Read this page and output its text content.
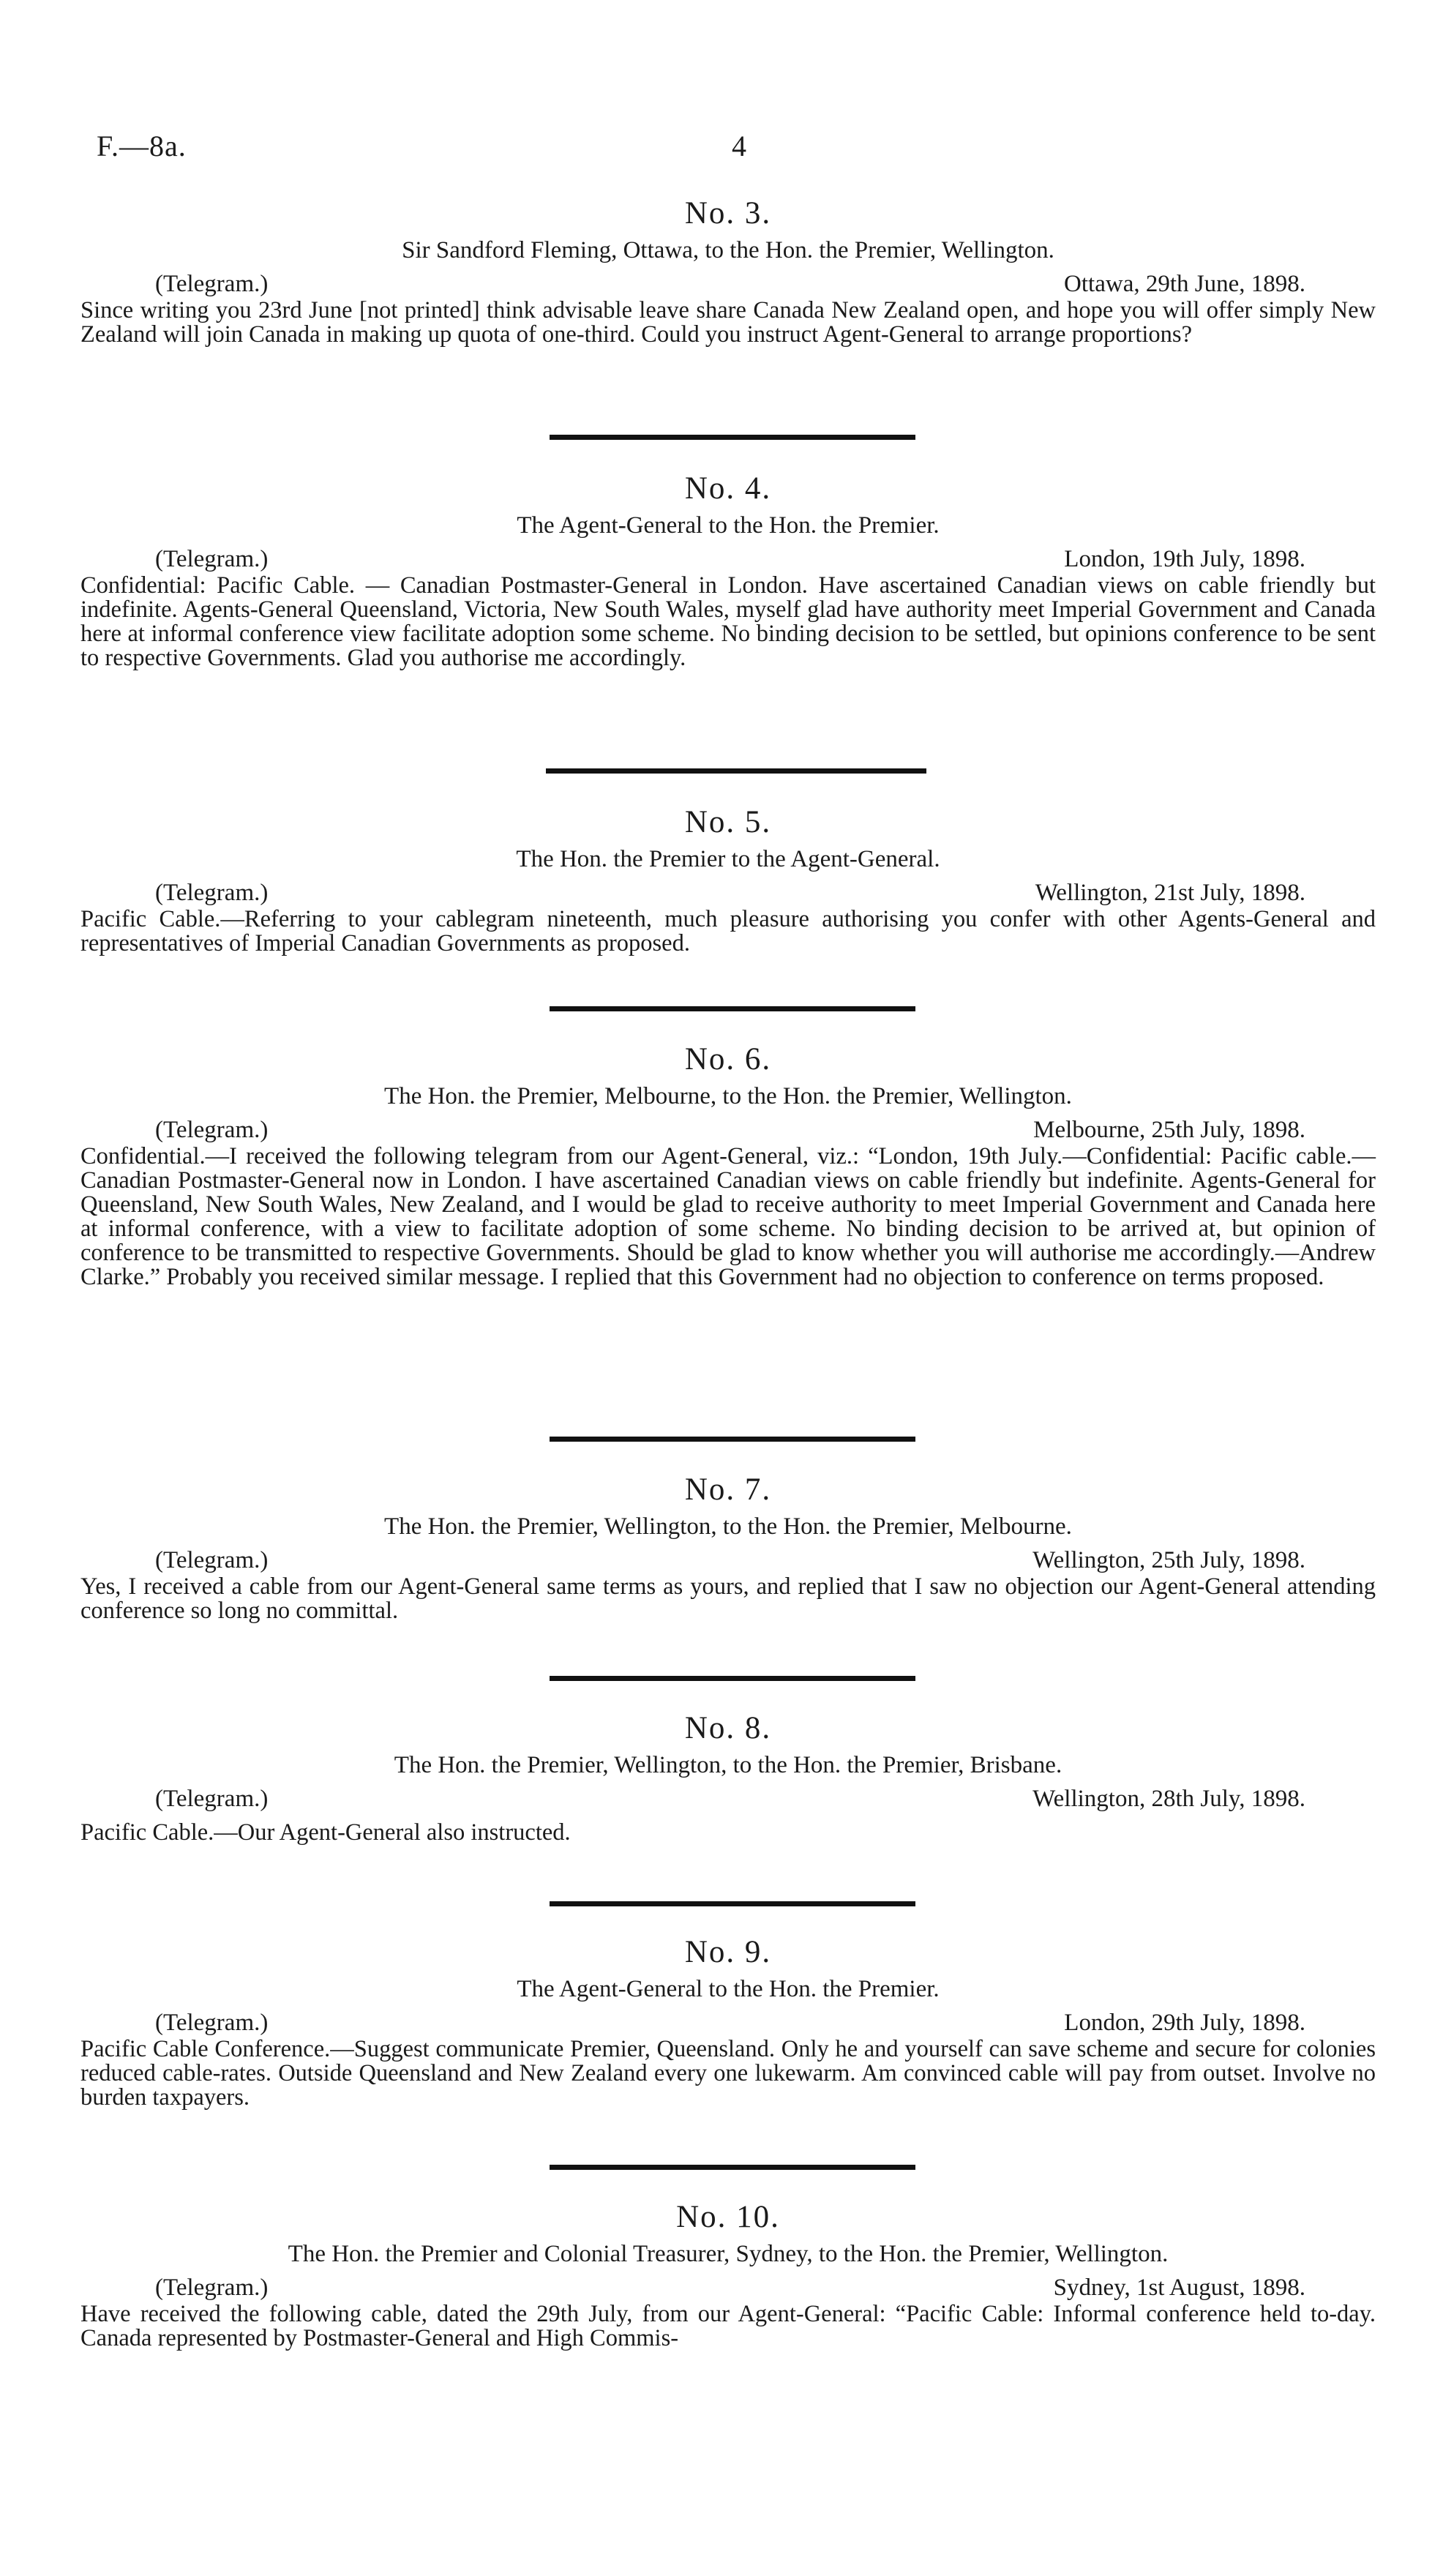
F.—8a.	4
No. 3.
Sir Sandford Fleming, Ottawa, to the Hon. the Premier, Wellington.
(Telegram.)	Ottawa, 29th June, 1898.
Since writing you 23rd June [not printed] think advisable leave share Canada New Zealand open, and hope you will offer simply New Zealand will join Canada in making up quota of one-third. Could you instruct Agent-General to arrange proportions?
No. 4.
The Agent-General to the Hon. the Premier.
(Telegram.)	London, 19th July, 1898.
Confidential: Pacific Cable. — Canadian Postmaster-General in London. Have ascertained Canadian views on cable friendly but indefinite. Agents-General Queensland, Victoria, New South Wales, myself glad have authority meet Imperial Government and Canada here at informal conference view facilitate adoption some scheme. No binding decision to be settled, but opinions conference to be sent to respective Governments. Glad you authorise me accordingly.
No. 5.
The Hon. the Premier to the Agent-General.
(Telegram.)	Wellington, 21st July, 1898.
Pacific Cable.—Referring to your cablegram nineteenth, much pleasure authorising you confer with other Agents-General and representatives of Imperial Canadian Governments as proposed.
No. 6.
The Hon. the Premier, Melbourne, to the Hon. the Premier, Wellington.
(Telegram.)	Melbourne, 25th July, 1898.
Confidential.—I received the following telegram from our Agent-General, viz.: “London, 19th July.—Confidential: Pacific cable.—Canadian Postmaster-General now in London. I have ascertained Canadian views on cable friendly but indefinite. Agents-General for Queensland, New South Wales, New Zealand, and I would be glad to receive authority to meet Imperial Government and Canada here at informal conference, with a view to facilitate adoption of some scheme. No binding decision to be arrived at, but opinion of conference to be transmitted to respective Governments. Should be glad to know whether you will authorise me accordingly.—Andrew Clarke.” Probably you received similar message. I replied that this Government had no objection to conference on terms proposed.
No. 7.
The Hon. the Premier, Wellington, to the Hon. the Premier, Melbourne.
(Telegram.)	Wellington, 25th July, 1898.
Yes, I received a cable from our Agent-General same terms as yours, and replied that I saw no objection our Agent-General attending conference so long no committal.
No. 8.
The Hon. the Premier, Wellington, to the Hon. the Premier, Brisbane.
(Telegram.)	Wellington, 28th July, 1898.
Pacific Cable.—Our Agent-General also instructed.
No. 9.
The Agent-General to the Hon. the Premier.
(Telegram.)	London, 29th July, 1898.
Pacific Cable Conference.—Suggest communicate Premier, Queensland. Only he and yourself can save scheme and secure for colonies reduced cable-rates. Outside Queensland and New Zealand every one lukewarm. Am convinced cable will pay from outset. Involve no burden taxpayers.
No. 10.
The Hon. the Premier and Colonial Treasurer, Sydney, to the Hon. the Premier, Wellington.
(Telegram.)	Sydney, 1st August, 1898.
Have received the following cable, dated the 29th July, from our Agent-General: “Pacific Cable: Informal conference held to-day. Canada represented by Postmaster-General and High Commis-
